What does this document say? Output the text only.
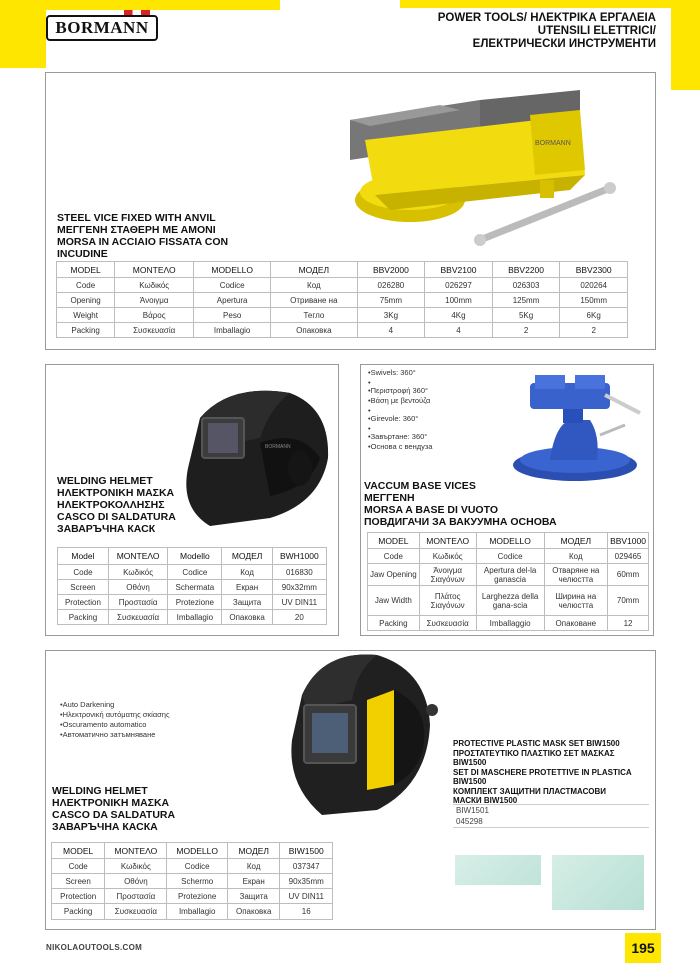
BORMANN	POWER TOOLS/ ΗΛΕΚΤΡΙΚΑ ΕΡΓΑΛΕΙΑ
UTENSILI ELETTRICI/
ЕЛЕКТРИЧЕСКИ ИНСТРУМЕНТИ
BORMANN
STEEL VICE FIXED WITH ANVIL
ΜΕΓΓΕΝΗ ΣΤΑΘΕΡΗ ΜΕ ΑΜΟΝΙ
MORSA IN ACCIAIO FISSATA CON
INCUDINE
MODEL	ΜΟΝΤΕΛΟ	MODELLO	МОДЕЛ	BBV2000	BBV2100	BBV2200	BBV2300
Code	Κωδικός	Codice	Код	026280	026297	026303	020264
Opening	Άνοιγμα	Apertura	Отриване на	75mm	100mm	125mm	150mm
Weight	Βάρος	Peso	Тегло	3Kg	4Kg	5Kg	6Kg
Packing	Συσκευασία	Imballagio	Опаковка	4	4	2	2
BORMANN
WELDING HELMET
ΗΛΕΚΤΡΟΝΙΚΗ ΜΑΣΚΑ
ΗΛΕΚΤΡΟΚΟΛΛΗΣΗΣ
CASCO DI SALDATURA
ЗАВАРЪЧНА КАСК
Model	ΜΟΝΤΕΛΟ	Modello	МОДЕЛ	BWH1000
Code	Κωδικός	Codice	Код	016830
Screen	Οθόνη	Schermata	Екран	90x32mm
Protection	Προστασία	Protezione	Защита	UV DIN11
Packing	Συσκευασία	Imballagio	Опаковка	20
• Swivels: 360°
•
• Περιστροφή 360°
• Βάση με βεντούζα
•
• Girevole: 360°
•
• Завъртане: 360°
• Основа с вендуза
VACCUM BASE VICES
ΜΕΓΓΕΝΗ
MORSA A BASE DI VUOTO
ПОВДИГАЧИ ЗА ВАКУУМНА ОСНОВА
MODEL	ΜΟΝΤΕΛΟ	MODELLO	МОДЕЛ	BBV1000
Code	Κωδικός	Codice	Код	029465
Jaw Opening	Άνοιγμα Σιαγόνων	Apertura del-la ganascia	Отваряне на челюстта	60mm
Jaw Width	Πλάτος Σιαγόνων	Larghezza della gana-scia	Ширина на челюстта	70mm
Packing	Συσκευασία	Imballaggio	Опаковане	12
• Auto Darkening
• Ηλεκτρονική αυτόματης σκίασης
• Oscuramento automatico
• Автоматично затъмняване
WELDING HELMET
ΗΛΕΚΤΡΟΝΙΚΗ ΜΑΣΚΑ
CASCO DA SALDATURA
ЗАВАРЪЧНА КАСКА
MODEL	ΜΟΝΤΕΛΟ	MODELLO	МОДЕЛ	BIW1500
Code	Κωδικός	Codice	Код	037347
Screen	Οθόνη	Schermo	Екран	90x35mm
Protection	Προστασία	Protezione	Защита	UV DIN11
Packing	Συσκευασία	Imballagio	Опаковка	16
PROTECTIVE PLASTIC MASK SET BIW1500
ΠΡΟΣΤΑΤΕΥΤΙΚΟ ΠΛΑΣΤΙΚΟ ΣΕΤ ΜΑΣΚΑΣ
BIW1500
SET DI MASCHERE PROTETTIVE IN PLASTICA
BIW1500
КОМПЛЕКТ ЗАЩИТНИ ПЛАСТМАСОВИ
МАСКИ BIW1500
BIW1501
045298
NIKOLAOUTOOLS.COM	195
